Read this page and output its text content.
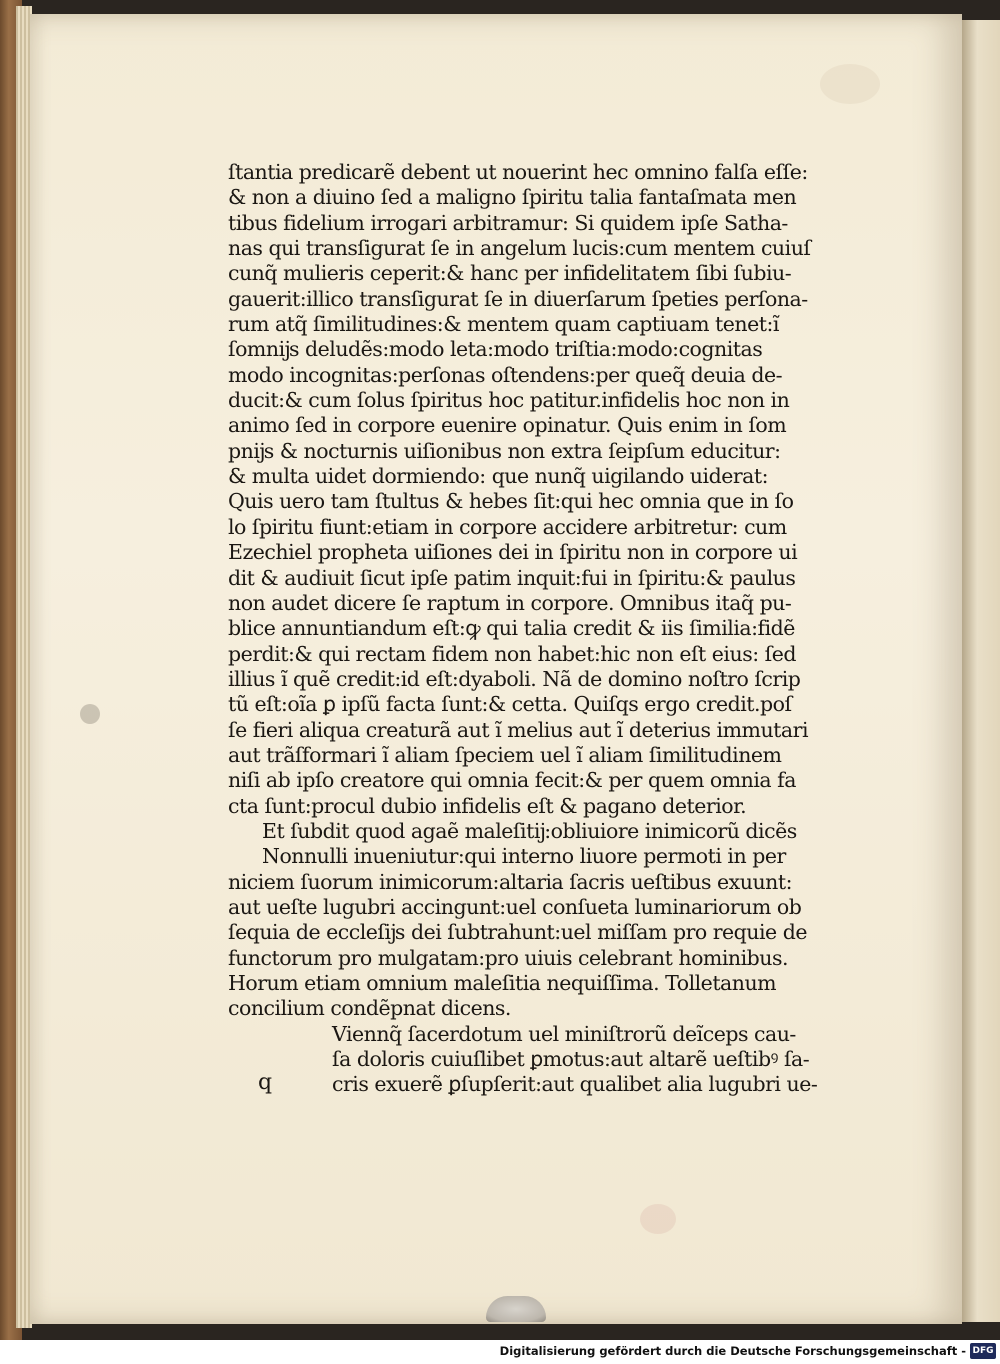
ſtantia predicarẽ debent ut nouerint hec omnino falſa eſſe:
& non a diuino ſed a maligno ſpiritu talia fantaſmata men
tibus fidelium irrogari arbitramur: Si quidem ipſe Satha-
nas qui transſigurat ſe in angelum lucis:cum mentem cuiuſ
cunq̃ mulieris ceperit:& hanc per infidelitatem ſibi ſubiu-
gauerit:illico transſigurat ſe in diuerſarum ſpeties perſona-
rum atq̃ ſimilitudines:& mentem quam captiuam tenet:ĩ
ſomnĳs deludẽs:modo leta:modo triſtia:modo:cognitas
modo incognitas:perſonas oſtendens:per queq̃ deuia de-
ducit:& cum ſolus ſpiritus hoc patitur.infidelis hoc non in
animo ſed in corpore euenire opinatur. Quis enim in ſom
pnĳs & nocturnis uiſionibus non extra ſeipſum educitur:
& multa uidet dormiendo: que nunq̃ uigilando uiderat:
Quis uero tam ſtultus & hebes ſit:qui hec omnia que in ſo
lo ſpiritu fiunt:etiam in corpore accidere arbitretur: cum
Ezechiel propheta uiſiones dei in ſpiritu non in corpore ui
dit & audiuit ſicut ipſe patim inquit:fui in ſpiritu:& paulus
non audet dicere ſe raptum in corpore. Omnibus itaq̃ pu-
blice annuntiandum eſt:ꝙ qui talia credit & iis ſimilia:fidẽ
perdit:& qui rectam fidem non habet:hic non eſt eius: ſed
illius ĩ quẽ credit:id eſt:dyaboli. Nã de domino noſtro ſcrip
tũ eſt:oĩa ꝑ ipſũ facta ſunt:& cetta. Quiſqs ergo credit.poſ
ſe fieri aliqua creaturã aut ĩ melius aut ĩ deterius immutari
aut trãſformari ĩ aliam ſpeciem uel ĩ aliam ſimilitudinem
niſi ab ipſo creatore qui omnia fecit:& per quem omnia fa
cta ſunt:procul dubio infidelis eſt & pagano deterior.
Et ſubdit quod agaẽ maleſitĳ:obliuiore inimicorũ dicẽs
Nonnulli inueniutur:qui interno liuore permoti in per
niciem ſuorum inimicorum:altaria ſacris ueſtibus exuunt:
aut ueſte lugubri accingunt:uel conſueta luminariorum ob
ſequia de eccleſĳs dei ſubtrahunt:uel miſſam pro requie de
functorum pro mulgatam:pro uiuis celebrant hominibus.
Horum etiam omnium maleſitia nequiſſima. Tolletanum
concilium condẽpnat dicens.
Viennq̃ ſacerdotum uel miniſtrorũ deĩceps cau-
ſa doloris cuiuſlibet ꝑmotus:aut altarẽ ueſtibꝰ ſa-
cris exuerẽ ꝑſupſerit:aut qualibet alia lugubri ue-
q
Digitalisierung gefördert durch die Deutsche Forschungsgemeinschaft - DFG
